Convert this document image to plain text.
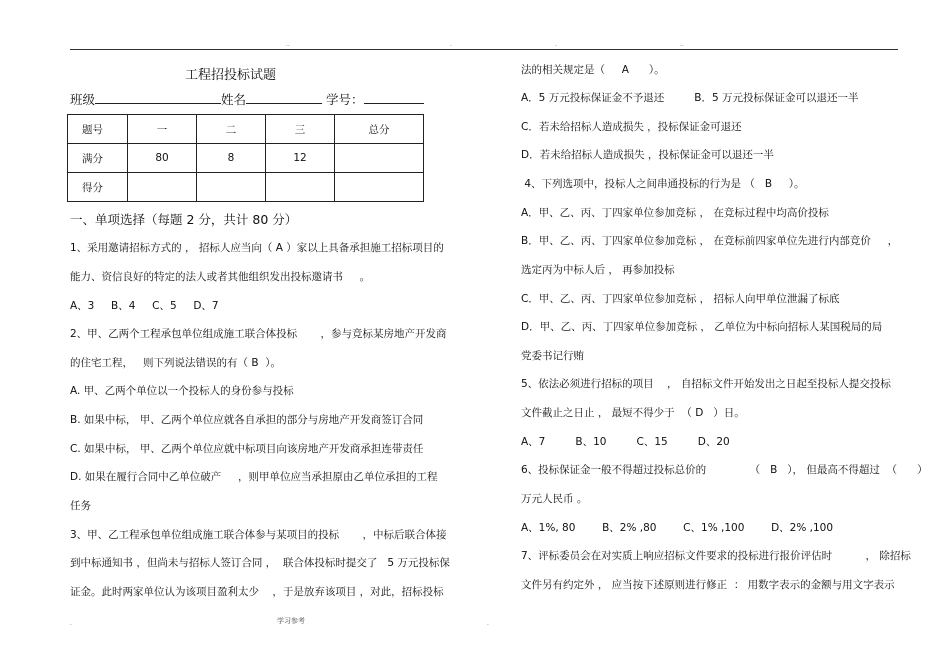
..	.	.	..
工程招投标试题
班级	姓名	学号：
题号	一	二	三	总分
满分	80	8	12	
得分				
一、单项选择（每题 2 分，共计 80 分）
1、采用邀请招标方式的 ， 招标人应当向（ A ）家以上具备承担施工招标项目的
能力、资信良好的特定的法人或者其他组织发出投标邀请书     。
A、3     B、4     C、5     D、7
2、甲、乙两个工程承包单位组成施工联合体投标       ，参与竞标某房地产开发商
的住宅工程，   则下列说法错误的有（ B  ）。
A. 甲、乙两个单位以一个投标人的身份参与投标
B. 如果中标， 甲、乙两个单位应就各自承担的部分与房地产开发商签订合同
C. 如果中标， 甲、乙两个单位应就中标项目向该房地产开发商承担连带责任
D. 如果在履行合同中乙单位破产     ，则甲单位应当承担原由乙单位承担的工程
任务
3、甲、乙工程承包单位组成施工联合体参与某项目的投标       ，中标后联合体接
到中标通知书 ，但尚未与招标人签订合同 ，  联合体投标时提交了   5 万元投标保
证金。此时两家单位认为该项目盈利太少    ，于是放弃该项目 ，对此，招标投标
法的相关规定是（     A      ）。
A．5 万元投标保证金不予退还         B．5 万元投标保证金可以退还一半
C．若未给招标人造成损失 ，投标保证金可退还
D．若未给招标人造成损失 ，投标保证金可以退还一半
4、下列选项中，投标人之间串通投标的行为是 （   B     ）。
A．甲、乙、丙、丁四家单位参加竞标 ， 在竞标过程中均高价投标
B．甲、乙、丙、丁四家单位参加竞标 ， 在竞标前四家单位先进行内部竞价     ，
选定丙为中标人后 ， 再参加投标
C．甲、乙、丙、丁四家单位参加竞标 ， 招标人向甲单位泄漏了标底
D．甲、乙、丙、丁四家单位参加竞标 ， 乙单位为中标向招标人某国税局的局
党委书记行贿
5、依法必须进行招标的项目    ， 自招标文件开始发出之日起至投标人提交投标
文件截止之日止 ， 最短不得少于  （ D   ）日。
A、7         B、10         C、15         D、20
6、投标保证金一般不得超过投标总价的             （   B   ）， 但最高不得超过  （      ）
万元人民币 。
A、1%, 80        B、2% ,80        C、1% ,100        D、2% ,100
7、评标委员会在对实质上响应招标文件要求的投标进行报价评估时          ， 除招标
文件另有约定外 ， 应当按下述原则进行修正  ： 用数字表示的金额与用文字表示
.	学习参考	.
